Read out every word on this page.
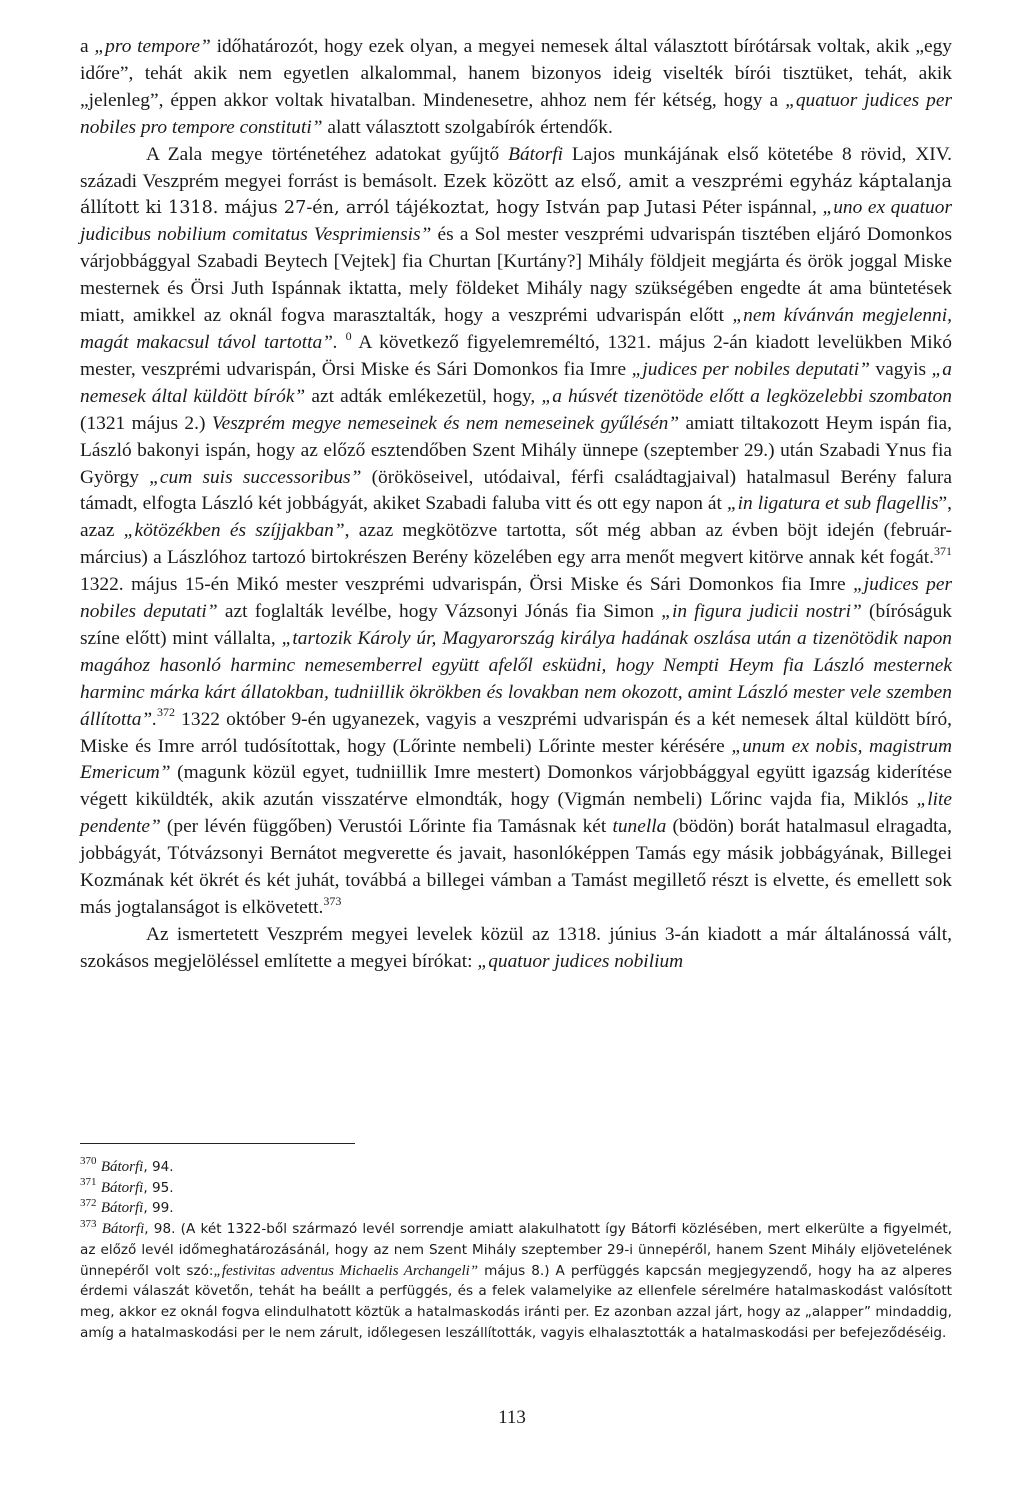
a „pro tempore” időhatározót, hogy ezek olyan, a megyei nemesek által választott bírótársak voltak, akik „egy időre”, tehát akik nem egyetlen alkalommal, hanem bizonyos ideig viselték bírói tisztüket, tehát, akik „jelenleg”, éppen akkor voltak hivatalban. Mindenesetre, ahhoz nem fér kétség, hogy a „quatuor judices per nobiles pro tempore constituti” alatt választott szolgabírók értendők.

A Zala megye történetéhez adatokat gyűjtő Bátorfi Lajos munkájának első kötetébe 8 rövid, XIV. századi Veszprém megyei forrást is bemásolt. Ezek között az első, amit a veszprémi egyház káptalanja állított ki 1318. május 27-én, arról tájékoztat, hogy István pap Jutasi Péter ispánnal, „uno ex quatuor judicibus nobilium comitatus Vesprimiensis” és a Sol mester veszprémi udvarispán tisztében eljáró Domonkos várjobbággyal Szabadi Beytech [Vejtek] fia Churtan [Kurtány?] Mihály földjeit megjárta és örök joggal Miske mesternek és Örsi Juth Ispánnak iktatta, mely földeket Mihály nagy szükségében engedte át ama büntetések miatt, amikkel az oknál fogva marasztalták, hogy a veszprémi udvarispán előtt „nem kívánván megjelenni, magát makacsul távol tartotta”. $^0$ A következő figyelemreméltó, 1321. május 2-án kiadott levelükben Mikó mester, veszprémi udvarispán, Örsi Miske és Sári Domonkos fia Imre „judices per nobiles deputati” vagyis „a nemesek által küldött bírók” azt adták emlékezetül, hogy, „a húsvét tizenötöde előtt a legközelebbi szombaton (1321 május 2.) Veszprém megye nemeseinek és nem nemeseinek gyűlésén” amiatt tiltakozott Heym ispán fia, László bakonyi ispán, hogy az előző esztendőben Szent Mihály ünnepe (szeptember 29.) után Szabadi Ynus fia György „cum suis successoribus” (örököseivel, utódaival, férfi családtagjaival) hatalmasul Berény falura támadt, elfogta László két jobbágyát, akiket Szabadi faluba vitt és ott egy napon át „in ligatura et sub flagellis”, azaz „kötözékben és szíjjakban”, azaz megkötözve tartotta, sőt még abban az évben böjt idején (február-március) a Lászlóhoz tartozó birtokrészen Berény közelében egy arra menőt megvert kitörve annak két fogát.$^{371}$ 1322. május 15-én Mikó mester veszprémi udvarispán, Örsi Miske és Sári Domonkos fia Imre „judices per nobiles deputati” azt foglalták levélbe, hogy Vázsonyi Jónás fia Simon „in figura judicii nostri” (bíróságuk színe előtt) mint vállalta, „tartozik Károly úr, Magyarország királya hadának oszlása után a tizenötödik napon magához hasonló harminc nemesemberrel együtt afelől esküdni, hogy Nempti Heym fia László mesternek harminc márka kárt állatokban, tudniillik ökrökben és lovakban nem okozott, amint László mester vele szemben állította”.$^{372}$ 1322 október 9-én ugyanezek, vagyis a veszprémi udvarispán és a két nemesek által küldött bíró, Miske és Imre arról tudósítottak, hogy (Lőrinte nembeli) Lőrinte mester kérésére „unum ex nobis, magistrum Emericum” (magunk közül egyet, tudniillik Imre mestert) Domonkos várjobbággyal együtt igazság kiderítése végett kiküldték, akik azután visszatérve elmondták, hogy (Vigmán nembeli) Lőrinc vajda fia, Miklós „lite pendente” (per lévén függőben) Verustói Lőrinte fia Tamásnak két tunella (bödön) borát hatalmasul elragadta, jobbágyát, Tótvázsonyi Bernátot megverette és javait, hasonlóképpen Tamás egy másik jobbágyának, Billegei Kozmának két ökrét és két juhát, továbbá a billegei vámban a Tamást megillető részt is elvette, és emellett sok más jogtalanságot is elkövetett.$^{373}$

Az ismertetett Veszprém megyei levelek közül az 1318. június 3-án kiadott a már általánossá vált, szokásos megjelöléssel említette a megyei bírókat: „quatuor judices nobilium

$^{370}$ Bátorfi, 94.

$^{371}$ Bátorfi, 95.

$^{372}$ Bátorfi, 99.

$^{373}$ Bátorfi, 98. (A két 1322-ből származó levél sorrendje amiatt alakulhatott így Bátorfi közlésében, mert elkerülte a figyelmét, az előző levél időmeghatározásánál, hogy az nem Szent Mihály szeptember 29-i ünnepéről, hanem Szent Mihály eljövetelének ünnepéről volt szó:„festivitas adventus Michaelis Archangeli” május 8.) A perfüggés kapcsán megjegyzendő, hogy ha az alperes érdemi válaszát követőn, tehát ha beállt a perfüggés, és a felek valamelyike az ellenfele sérelmére hatalmaskodást valósított meg, akkor ez oknál fogva elindulhatott köztük a hatalmaskodás iránti per. Ez azonban azzal járt, hogy az „alapper” mindaddig, amíg a hatalmaskodási per le nem zárult, időlegesen leszállították, vagyis elhalasztották a hatalmaskodási per befejeződéséig.

113
